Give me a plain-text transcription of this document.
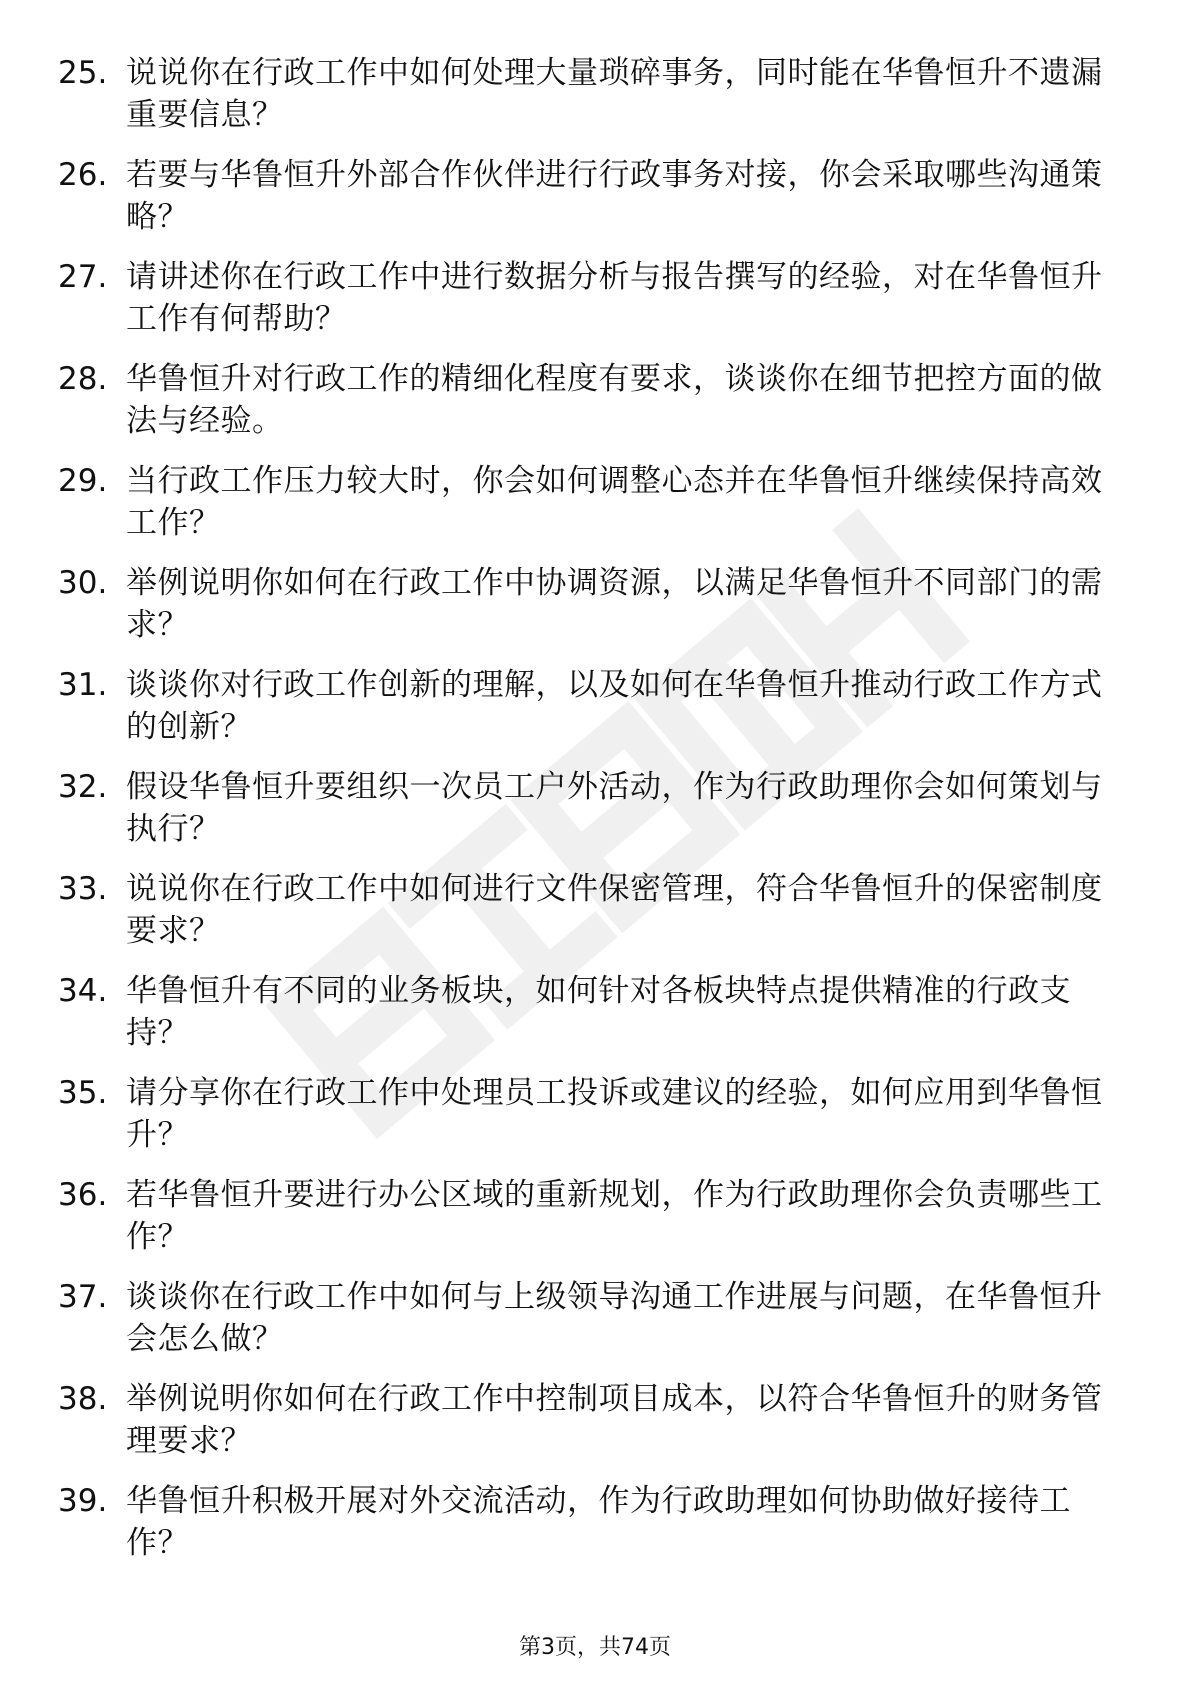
25. 说说你在行政工作中如何处理大量琐碎事务，同时能在华鲁恒升不遗漏重要信息？
26. 若要与华鲁恒升外部合作伙伴进行行政事务对接，你会采取哪些沟通策略？
27. 请讲述你在行政工作中进行数据分析与报告撰写的经验，对在华鲁恒升工作有何帮助？
28. 华鲁恒升对行政工作的精细化程度有要求，谈谈你在细节把控方面的做法与经验。
29. 当行政工作压力较大时，你会如何调整心态并在华鲁恒升继续保持高效工作？
30. 举例说明你如何在行政工作中协调资源，以满足华鲁恒升不同部门的需求？
31. 谈谈你对行政工作创新的理解，以及如何在华鲁恒升推动行政工作方式的创新？
32. 假设华鲁恒升要组织一次员工户外活动，作为行政助理你会如何策划与执行？
33. 说说你在行政工作中如何进行文件保密管理，符合华鲁恒升的保密制度要求？
34. 华鲁恒升有不同的业务板块，如何针对各板块特点提供精准的行政支持？
35. 请分享你在行政工作中处理员工投诉或建议的经验，如何应用到华鲁恒升？
36. 若华鲁恒升要进行办公区域的重新规划，作为行政助理你会负责哪些工作？
37. 谈谈你在行政工作中如何与上级领导沟通工作进展与问题，在华鲁恒升会怎么做？
38. 举例说明你如何在行政工作中控制项目成本，以符合华鲁恒升的财务管理要求？
39. 华鲁恒升积极开展对外交流活动，作为行政助理如何协助做好接待工作？
第3页，共74页
